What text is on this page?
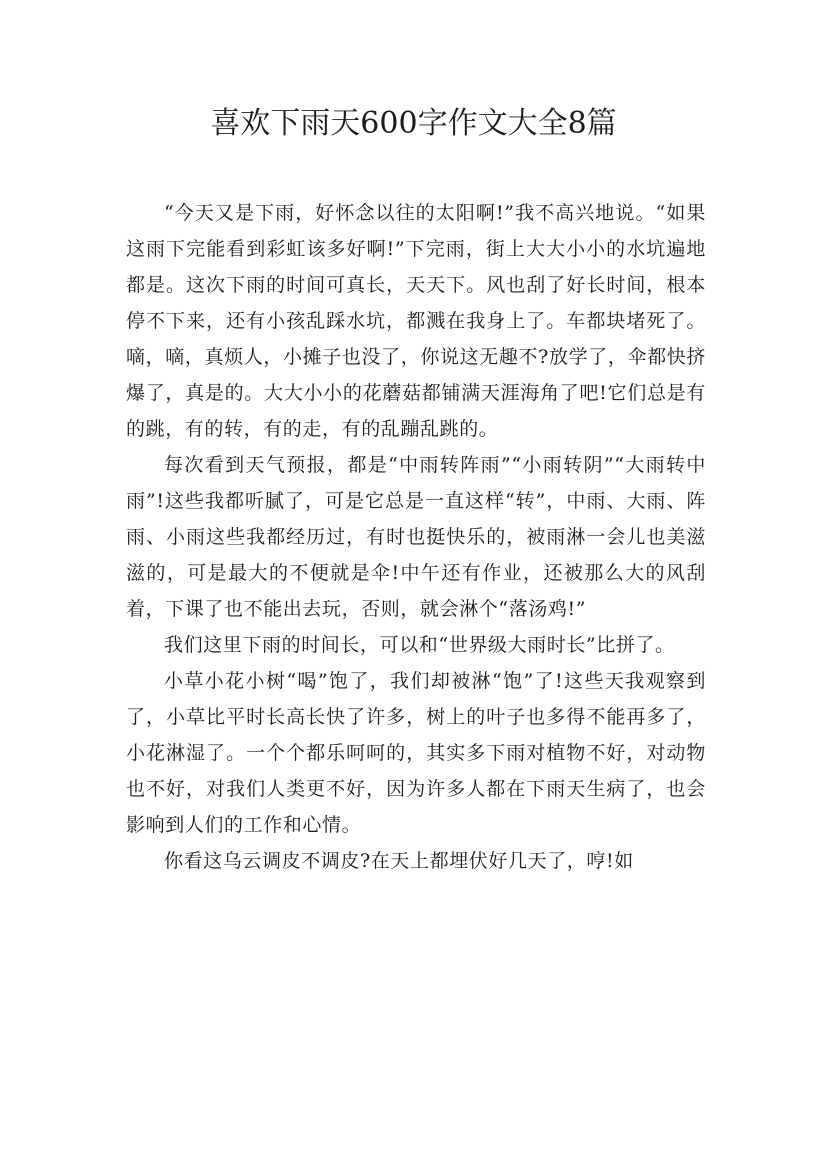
喜欢下雨天600字作文大全8篇

“今天又是下雨，好怀念以往的太阳啊!”我不高兴地说。“如果这雨下完能看到彩虹该多好啊!”下完雨，街上大大小小的水坑遍地都是。这次下雨的时间可真长，天天下。风也刮了好长时间，根本停不下来，还有小孩乱踩水坑，都溅在我身上了。车都块堵死了。嘀，嘀，真烦人，小摊子也没了，你说这无趣不?放学了，伞都快挤爆了，真是的。大大小小的花蘑菇都铺满天涯海角了吧!它们总是有的跳，有的转，有的走，有的乱蹦乱跳的。

每次看到天气预报，都是“中雨转阵雨”“小雨转阴”“大雨转中雨”!这些我都听腻了，可是它总是一直这样“转”，中雨、大雨、阵雨、小雨这些我都经历过，有时也挺快乐的，被雨淋一会儿也美滋滋的，可是最大的不便就是伞!中午还有作业，还被那么大的风刮着，下课了也不能出去玩，否则，就会淋个“落汤鸡!”

我们这里下雨的时间长，可以和“世界级大雨时长”比拼了。

小草小花小树“喝”饱了，我们却被淋“饱”了!这些天我观察到了，小草比平时长高长快了许多，树上的叶子也多得不能再多了，小花淋湿了。一个个都乐呵呵的，其实多下雨对植物不好，对动物也不好，对我们人类更不好，因为许多人都在下雨天生病了，也会影响到人们的工作和心情。

你看这乌云调皮不调皮?在天上都埋伏好几天了，哼!如
